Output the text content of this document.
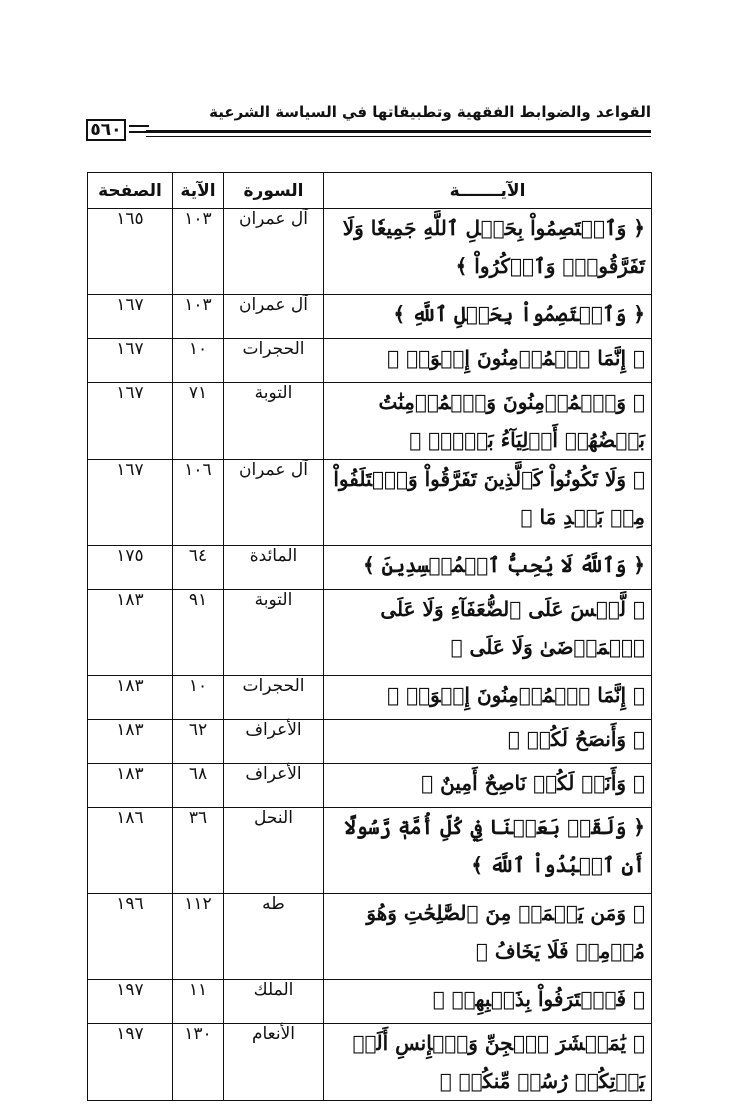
٥٦٠
القواعد والضوابط الفقهية وتطبيقاتها في السياسة الشرعية
الآيـــــــة	السورة	الآية	الصفحة
﴿ وَٱعۡتَصِمُواْ بِحَبۡلِ ٱللَّهِ جَمِيعٗا وَلَا تَفَرَّقُواْۚ وَٱذۡكُرُواْ ﴾	آل عمران	١٠٣	١٦٥
﴿ وَٱعۡتَصِمُواْ بِحَبۡلِ ٱللَّهِ ﴾	آل عمران	١٠٣	١٦٧
﴿ إِنَّمَا ٱلۡمُؤۡمِنُونَ إِخۡوَةٞ ﴾	الحجرات	١٠	١٦٧
﴿ وَٱلۡمُؤۡمِنُونَ وَٱلۡمُؤۡمِنَٰتُ بَعۡضُهُمۡ أَوۡلِيَآءُ بَعۡضٖۚ ﴾	التوبة	٧١	١٦٧
﴿ وَلَا تَكُونُواْ كَٱلَّذِينَ تَفَرَّقُواْ وَٱخۡتَلَفُواْ مِنۢ بَعۡدِ مَا ﴾	آل عمران	١٠٦	١٦٧
﴿ وَٱللَّهُ لَا يُحِبُّ ٱلۡمُفۡسِدِينَ ﴾	المائدة	٦٤	١٧٥
﴿ لَّيۡسَ عَلَى ٱلضُّعَفَآءِ وَلَا عَلَى ٱلۡمَرۡضَىٰ وَلَا عَلَى ﴾	التوبة	٩١	١٨٣
﴿ إِنَّمَا ٱلۡمُؤۡمِنُونَ إِخۡوَةٞ ﴾	الحجرات	١٠	١٨٣
﴿ وَأَنصَحُ لَكُمۡ ﴾	الأعراف	٦٢	١٨٣
﴿ وَأَنَا۠ لَكُمۡ نَاصِحٌ أَمِينٌ ﴾	الأعراف	٦٨	١٨٣
﴿ وَلَقَدۡ بَعَثۡنَا فِي كُلِّ أُمَّةٖ رَّسُولًا أَنِ ٱعۡبُدُواْ ٱللَّهَ ﴾	النحل	٣٦	١٨٦
﴿ وَمَن يَعۡمَلۡ مِنَ ٱلصَّٰلِحَٰتِ وَهُوَ مُؤۡمِنٞ فَلَا يَخَافُ ﴾	طه	١١٢	١٩٦
﴿ فَٱعۡتَرَفُواْ بِذَنۢبِهِمۡ ﴾	الملك	١١	١٩٧
﴿ يَٰمَعۡشَرَ ٱلۡجِنِّ وَٱلۡإِنسِ أَلَمۡ يَأۡتِكُمۡ رُسُلٞ مِّنكُمۡ ﴾	الأنعام	١٣٠	١٩٧
